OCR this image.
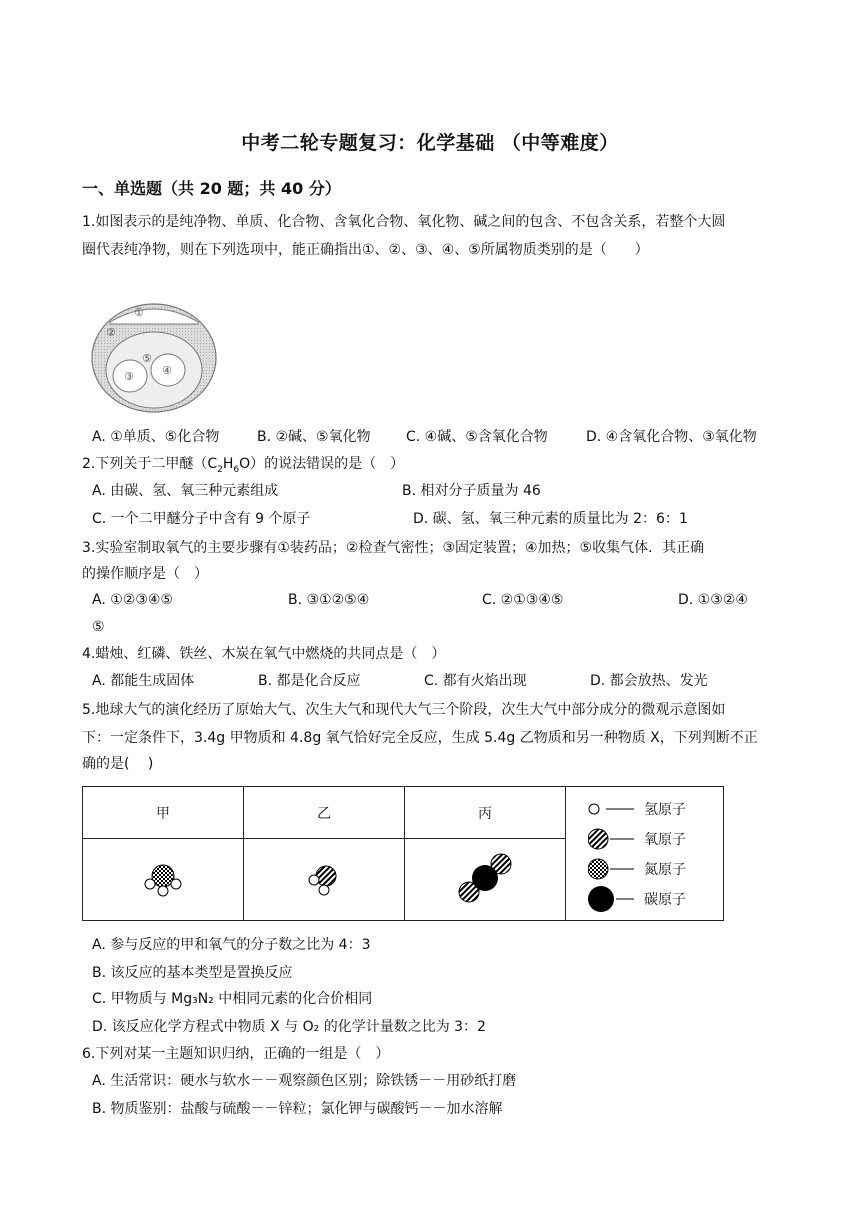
中考二轮专题复习：化学基础 （中等难度）
一、单选题（共 20 题；共 40 分）
1.如图表示的是纯净物、单质、化合物、含氧化合物、氧化物、碱之间的包含、不包含关系，若整个大圆
圈代表纯净物，则在下列选项中，能正确指出①、②、③、④、⑤所属物质类别的是（　　）
①
②
⑤
③	④
A. ①单质、⑤化合物	B. ②碱、⑤氧化物	C. ④碱、⑤含氧化合物	D. ④含氧化合物、③氧化物
2.下列关于二甲醚$(C_2H_6O)$的说法错误的是（　）
A. 由碳、氢、氧三种元素组成	B. 相对分子质量为 46
C. 一个二甲醚分子中含有 9 个原子	D. 碳、氢、氧三种元素的质量比为 2：6：1
3.实验室制取氧气的主要步骤有①装药品；②检查气密性；③固定装置；④加热；⑤收集气体．其正确
的操作顺序是（　）
A. ①②③④⑤	B. ③①②⑤④	C. ②①③④⑤	D. ①③②④
⑤
4.蜡烛、红磷、铁丝、木炭在氧气中燃烧的共同点是（　）
A. 都能生成固体	B. 都是化合反应	C. 都有火焰出现	D. 都会放热、发光
5.地球大气的演化经历了原始大气、次生大气和现代大气三个阶段，次生大气中部分成分的微观示意图如
下：一定条件下，3.4g 甲物质和 4.8g 氧气恰好完全反应，生成 5.4g 乙物质和另一种物质 X，下列判断不正
确的是(　 )
甲	乙	丙	氢原子
氧原子
氮原子
碳原子

A. 参与反应的甲和氧气的分子数之比为 4：3
B. 该反应的基本类型是置换反应
C. 甲物质与 Mg₃N₂ 中相同元素的化合价相同
D. 该反应化学方程式中物质 X 与 O₂ 的化学计量数之比为 3：2
6.下列对某一主题知识归纳，正确的一组是（　）
A. 生活常识：硬水与软水－－观察颜色区别；除铁锈－－用砂纸打磨
B. 物质鉴别：盐酸与硫酸－－锌粒；氯化钾与碳酸钙－－加水溶解
